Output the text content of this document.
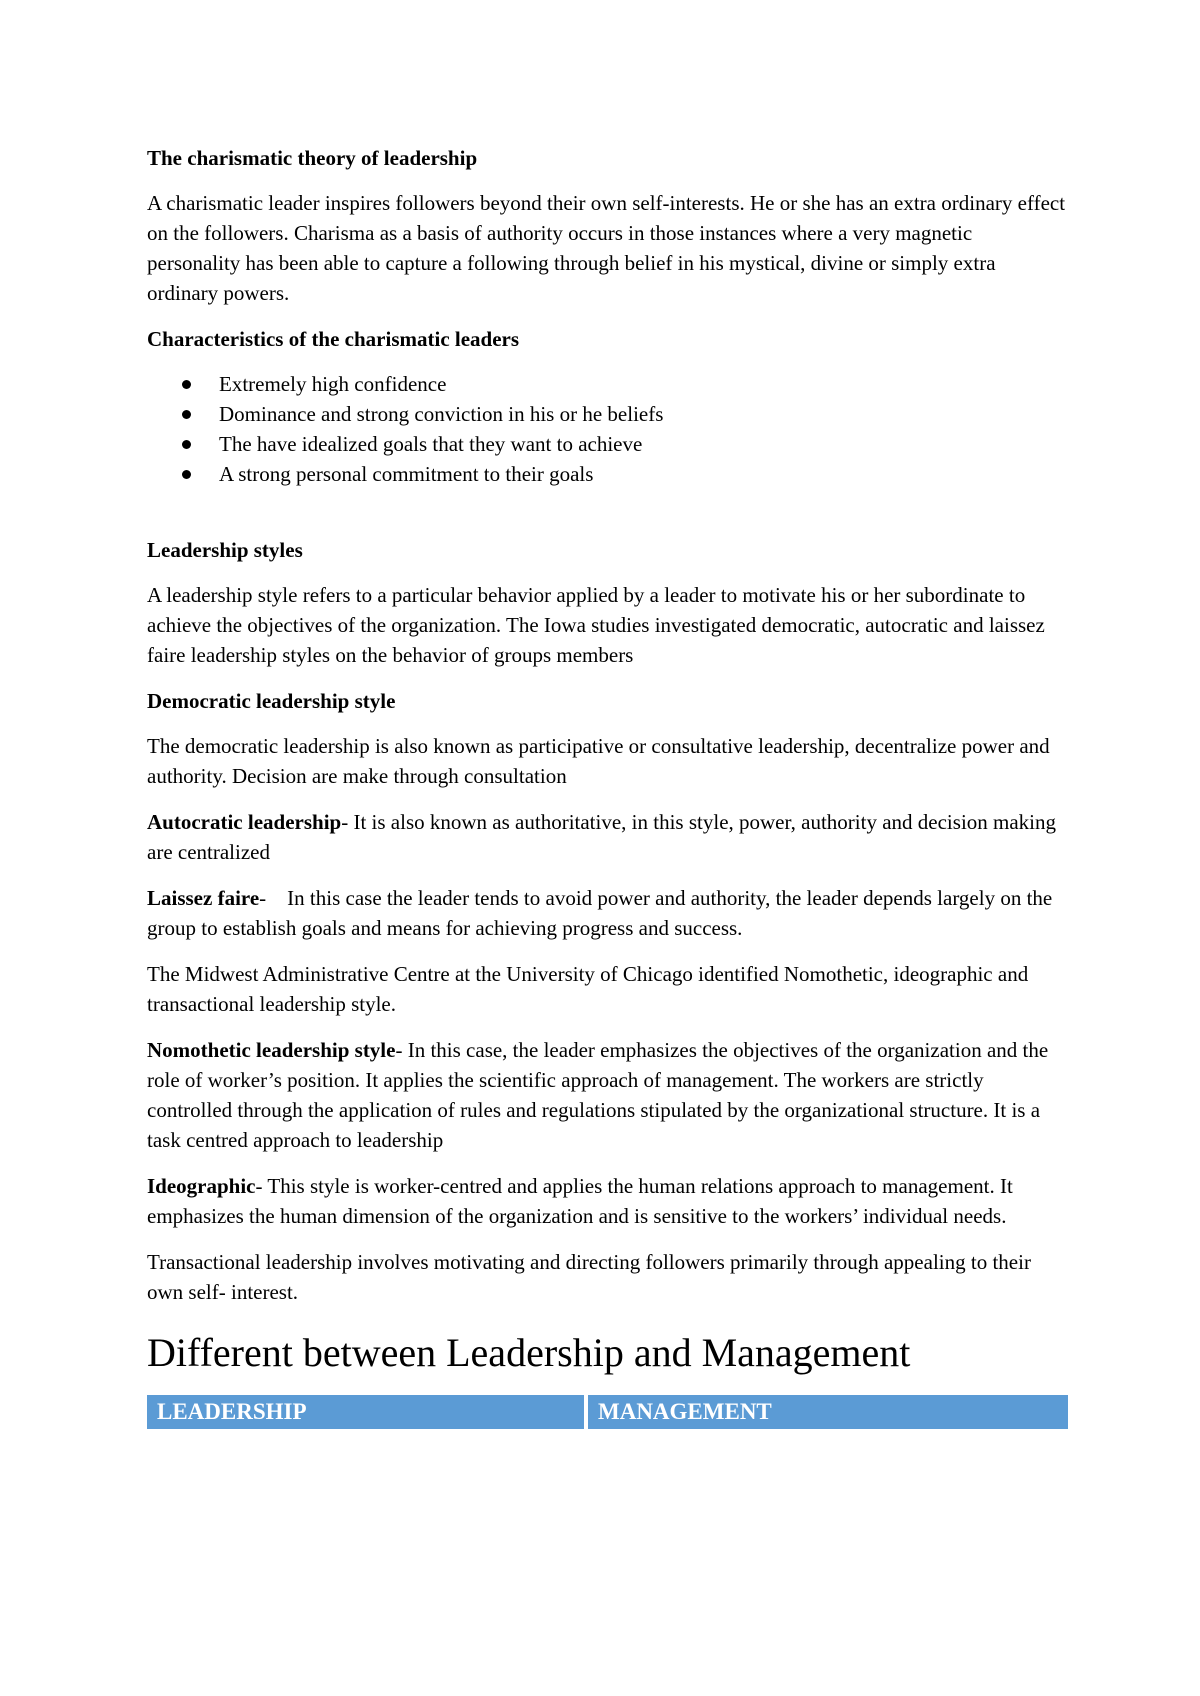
The charismatic theory of leadership
A charismatic leader inspires followers beyond their own self-interests. He or she has an extra ordinary effect on the followers. Charisma as a basis of authority occurs in those instances where a very magnetic personality has been able to capture a following through belief in his mystical, divine or simply extra ordinary powers.
Characteristics of the charismatic leaders
Extremely high confidence
Dominance and strong conviction in his or he beliefs
The have idealized goals that they want to achieve
A strong personal commitment to their goals
Leadership styles
A leadership style refers to a particular behavior applied by a leader to motivate his or her subordinate to achieve the objectives of the organization. The Iowa studies investigated democratic, autocratic and laissez faire leadership styles on the behavior of groups members
Democratic leadership style
The democratic leadership is also known as participative or consultative leadership, decentralize power and authority. Decision are make through consultation
Autocratic leadership- It is also known as authoritative, in this style, power, authority and decision making are centralized
Laissez faire-    In this case the leader tends to avoid power and authority, the leader depends largely on the group to establish goals and means for achieving progress and success.
The Midwest Administrative Centre at the University of Chicago identified Nomothetic, ideographic and transactional leadership style.
Nomothetic leadership style- In this case, the leader emphasizes the objectives of the organization and the role of worker’s position. It applies the scientific approach of management. The workers are strictly controlled through the application of rules and regulations stipulated by the organizational structure. It is a task centred approach to leadership
Ideographic- This style is worker-centred and applies the human relations approach to management. It emphasizes the human dimension of the organization and is sensitive to the workers’ individual needs.
Transactional leadership involves motivating and directing followers primarily through appealing to their own self- interest.
Different between Leadership and Management
LEADERSHIP	MANAGEMENT
